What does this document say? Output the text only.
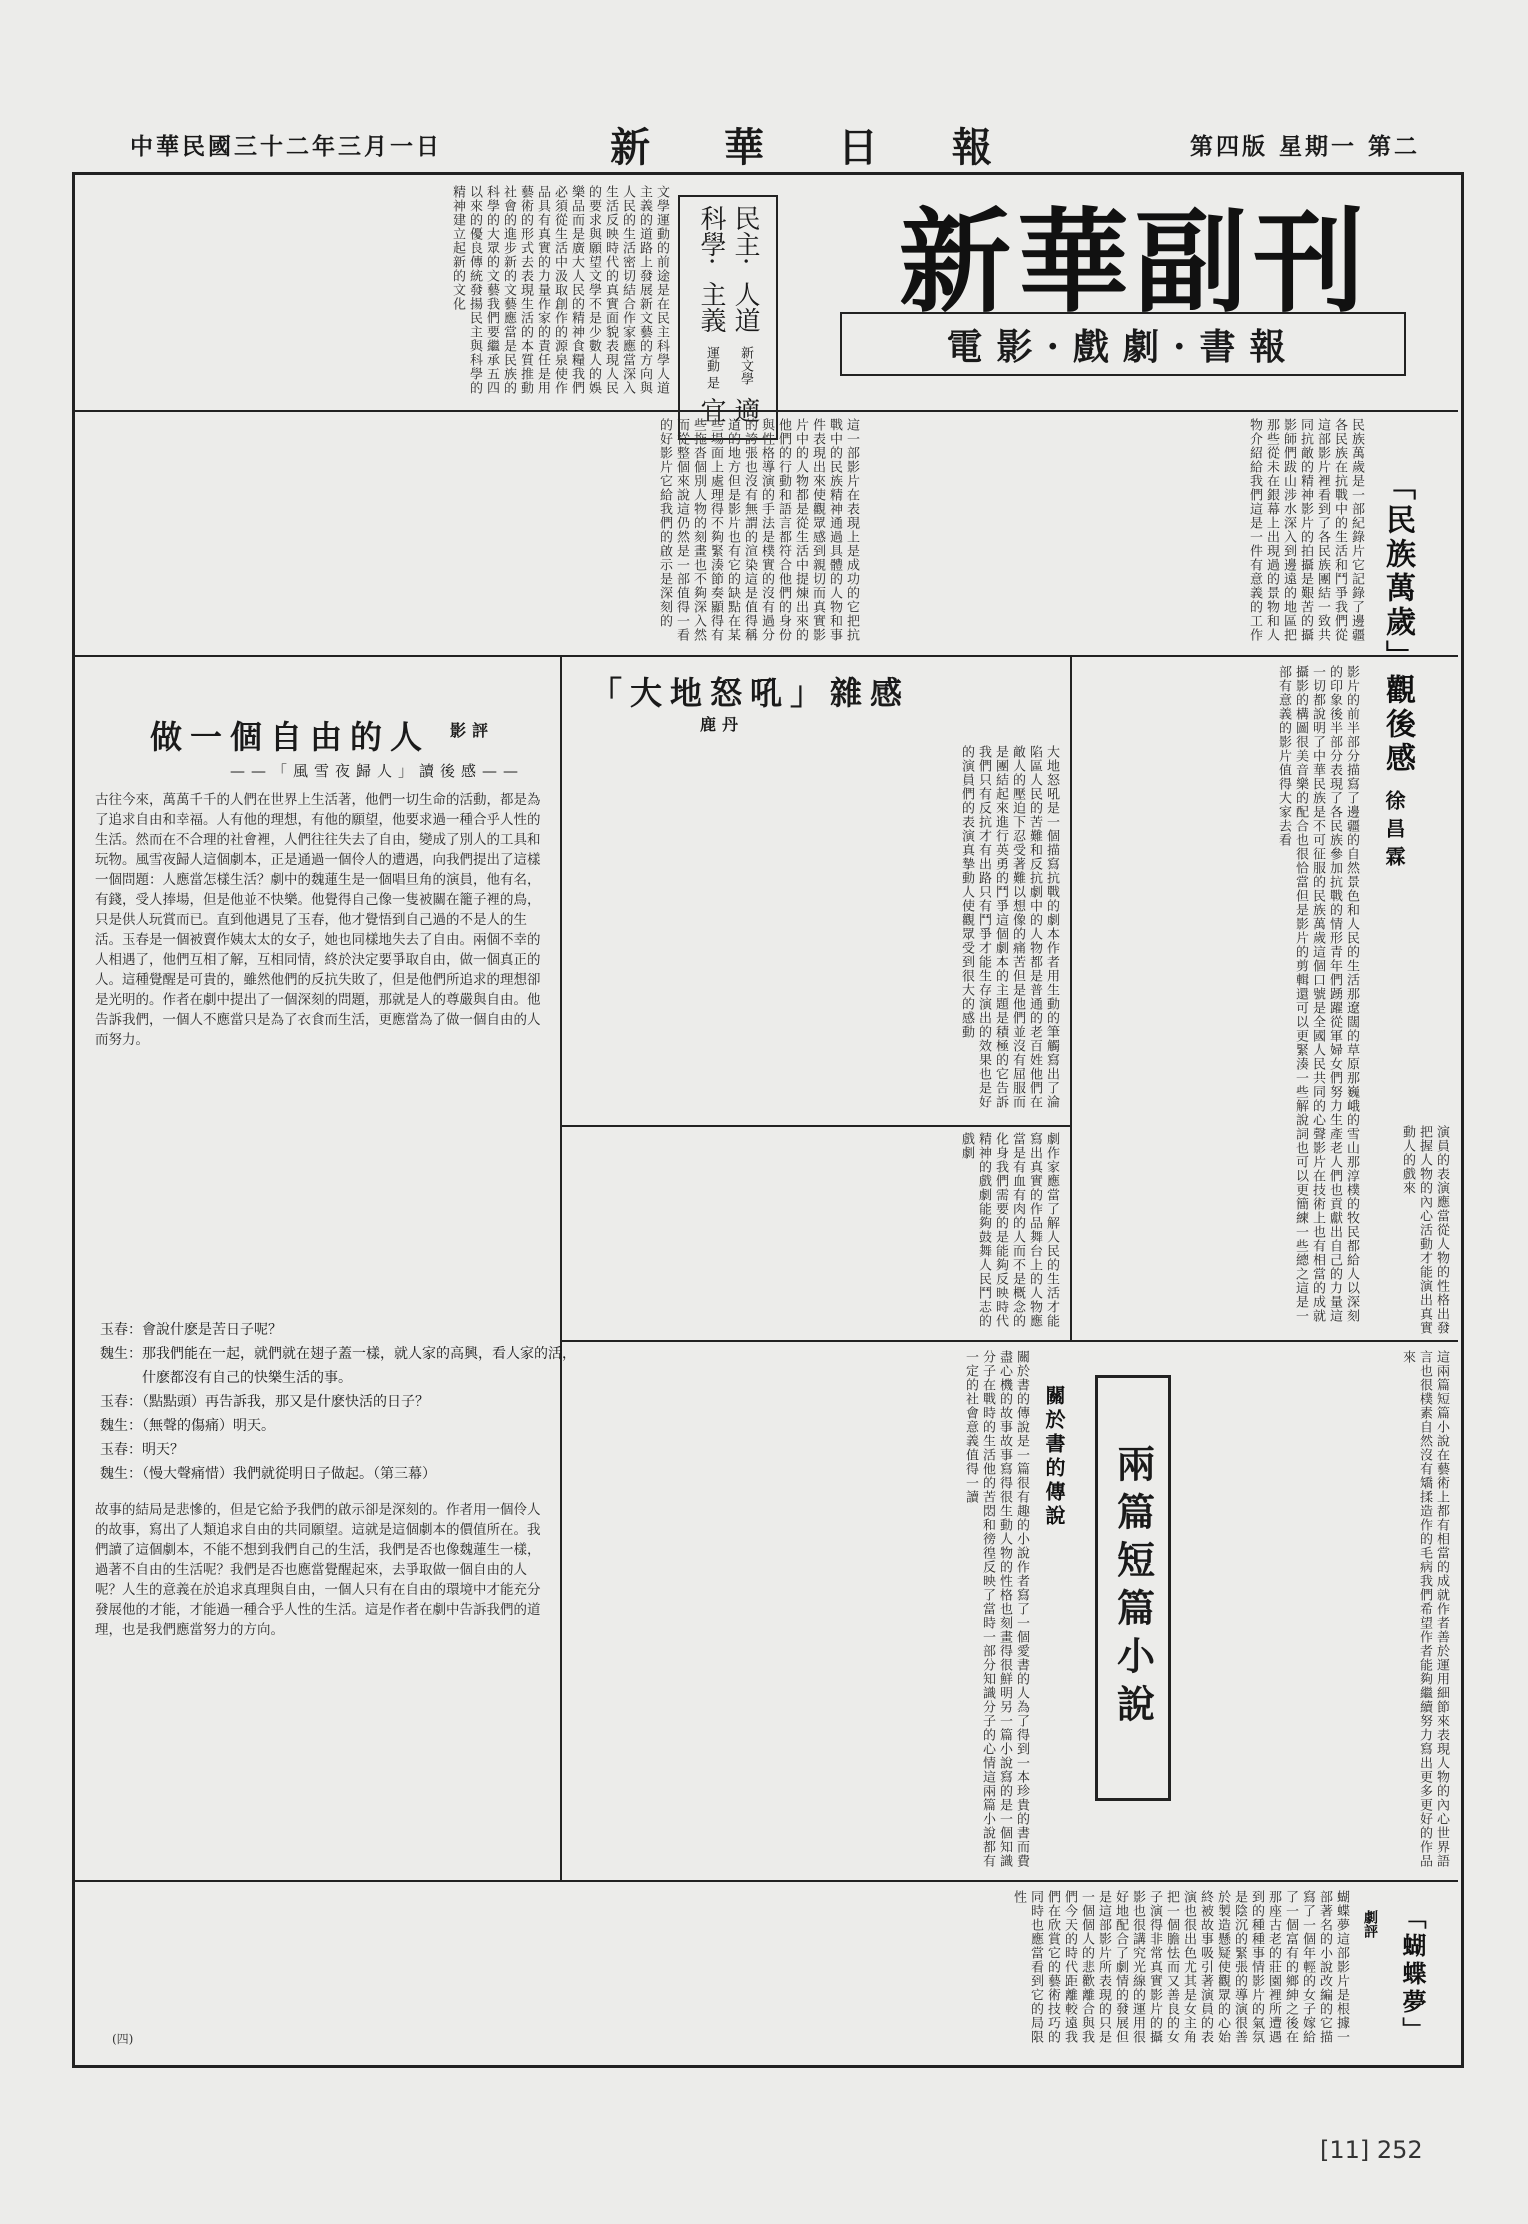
中華民國三十二年三月一日	新 華 日 報	第四版 星期一 第二
新華副刊
電影·戲劇·書報
民主·科學·
人道主義
新文學運動 是
適宜
文學運動的前途是在民主科學人道主義的道路上發展新文藝的方向與人民的生活密切結合作家應當深入生活反映時代的真實面貌表現人民的要求與願望文學不是少數人的娛樂品而是廣大人民的精神食糧我們必須從生活中汲取創作的源泉使作品具有真實的力量作家的責任是用藝術的形式去表現生活的本質推動社會的進步新的文藝應當是民族的科學的大眾的文藝我們要繼承五四以來的優良傳統發揚民主與科學的精神建立起新的文化
這一部影片在表現上是成功的它把抗戰中的民族精神通過具體的人物和事件表現出來使觀眾感到親切而真實影片中的人物都是從生活中提煉出來的他們的行動和語言都符合他們的身份與性格導演的手法是樸實的沒有過分的誇張也沒有無謂的渲染這是值得稱道的地方但是影片也有它的缺點在某些場面上處理得不夠緊湊節奏顯得有些拖沓個別人物的刻畫也不夠深入然而從整個來說這仍然是一部值得一看的好影片它給我們的啟示是深刻的	「民族萬歲」觀後感
徐昌霖
民族萬歲是一部紀錄片它記錄了邊疆各民族在抗戰中的生活和鬥爭我們從這部影片裡看到了各民族團結一致共同抗敵的精神影片的拍攝是艱苦的攝影師們跋山涉水深入到邊遠的地區把那些從未在銀幕上出現過的景物和人物介紹給我們這是一件有意義的工作
影片的前半部分描寫了邊疆的自然景色和人民的生活那遼闊的草原那巍峨的雪山那淳樸的牧民都給人以深刻的印象後半部分表現了各民族參加抗戰的情形青年們踴躍從軍婦女們努力生產老人們也貢獻出自己的力量這一切都說明了中華民族是不可征服的民族萬歲這個口號是全國人民共同的心聲影片在技術上也有相當的成就攝影的構圖很美音樂的配合也很恰當但是影片的剪輯還可以更緊湊一些解說詞也可以更簡練一些總之這是一部有意義的影片值得大家去看
「大地怒吼」雜感
鹿丹
大地怒吼是一個描寫抗戰的劇本作者用生動的筆觸寫出了淪陷區人民的苦難和反抗劇中的人物都是普通的老百姓他們在敵人的壓迫下忍受著難以想像的痛苦但是他們並沒有屈服而是團結起來進行英勇的鬥爭這個劇本的主題是積極的它告訴我們只有反抗才有出路只有鬥爭才能生存演出的效果也是好的演員們的表演真摯動人使觀眾受到很大的感動
劇作家應當了解人民的生活才能寫出真實的作品舞台上的人物應當是有血有肉的人而不是概念的化身我們需要的是能夠反映時代精神的戲劇能夠鼓舞人民鬥志的戲劇
做一個自由的人 影評
——「風雪夜歸人」讀後感——
古往今來，萬萬千千的人們在世界上生活著，他們一切生命的活動，都是為了追求自由和幸福。人有他的理想，有他的願望，他要求過一種合乎人性的生活。然而在不合理的社會裡，人們往往失去了自由，變成了別人的工具和玩物。風雪夜歸人這個劇本，正是通過一個伶人的遭遇，向我們提出了這樣一個問題：人應當怎樣生活？劇中的魏蓮生是一個唱旦角的演員，他有名，有錢，受人捧場，但是他並不快樂。他覺得自己像一隻被關在籠子裡的鳥，只是供人玩賞而已。直到他遇見了玉春，他才覺悟到自己過的不是人的生活。玉春是一個被賣作姨太太的女子，她也同樣地失去了自由。兩個不幸的人相遇了，他們互相了解，互相同情，終於決定要爭取自由，做一個真正的人。這種覺醒是可貴的，雖然他們的反抗失敗了，但是他們所追求的理想卻是光明的。作者在劇中提出了一個深刻的問題，那就是人的尊嚴與自由。他告訴我們，一個人不應當只是為了衣食而生活，更應當為了做一個自由的人而努力。
玉春：會說什麽是苦日子呢？
魏生：那我們能在一起，就們就在翅子蓋一樣，就人家的高興，看人家的活，
　　　什麽都沒有自己的快樂生活的事。
玉春：（點點頭）再告訴我，那又是什麽快活的日子？
魏生：（無聲的傷痛）明天。
玉春：明天？
魏生：（慢大聲痛惜）我們就從明日子做起。（第三幕）
故事的結局是悲慘的，但是它給予我們的啟示卻是深刻的。作者用一個伶人的故事，寫出了人類追求自由的共同願望。這就是這個劇本的價值所在。我們讀了這個劇本，不能不想到我們自己的生活，我們是否也像魏蓮生一樣，過著不自由的生活呢？我們是否也應當覺醒起來，去爭取做一個自由的人呢？人生的意義在於追求真理與自由，一個人只有在自由的環境中才能充分發展他的才能，才能過一種合乎人性的生活。這是作者在劇中告訴我們的道理，也是我們應當努力的方向。	兩篇短篇小說
關於書的傳說
關於書的傳說是一篇很有趣的小說作者寫了一個愛書的人為了得到一本珍貴的書而費盡心機的故事故事寫得很生動人物的性格也刻畫得很鮮明另一篇小說寫的是一個知識分子在戰時的生活他的苦悶和徬徨反映了當時一部分知識分子的心情這兩篇小說都有一定的社會意義值得一讀	這兩篇短篇小說在藝術上都有相當的成就作者善於運用細節來表現人物的內心世界語言也很樸素自然沒有矯揉造作的毛病我們希望作者能夠繼續努力寫出更多更好的作品來
演員的表演應當從人物的性格出發把握人物的內心活動才能演出真實動人的戲來
「蝴蝶夢」
劇評
蝴蝶夢這部影片是根據一部著名的小說改編的它描寫了一個年輕的女子嫁給了一個富有的鄉紳之後在那座古老的莊園裡所遭遇到的種種事情影片的氣氛是陰沉的緊張的導演很善於製造懸疑使觀眾的心始終被故事吸引著演員的表演也很出色尤其是女主角把一個膽怯而又善良的女子演得非常真實影片的攝影也很講究光線的運用很好地配合了劇情的發展但是這部影片所表現的只是一個個人的悲歡離合與我們今天的時代距離較遠我們在欣賞它的藝術技巧的同時也應當看到它的局限性
(四)
[11] 252
